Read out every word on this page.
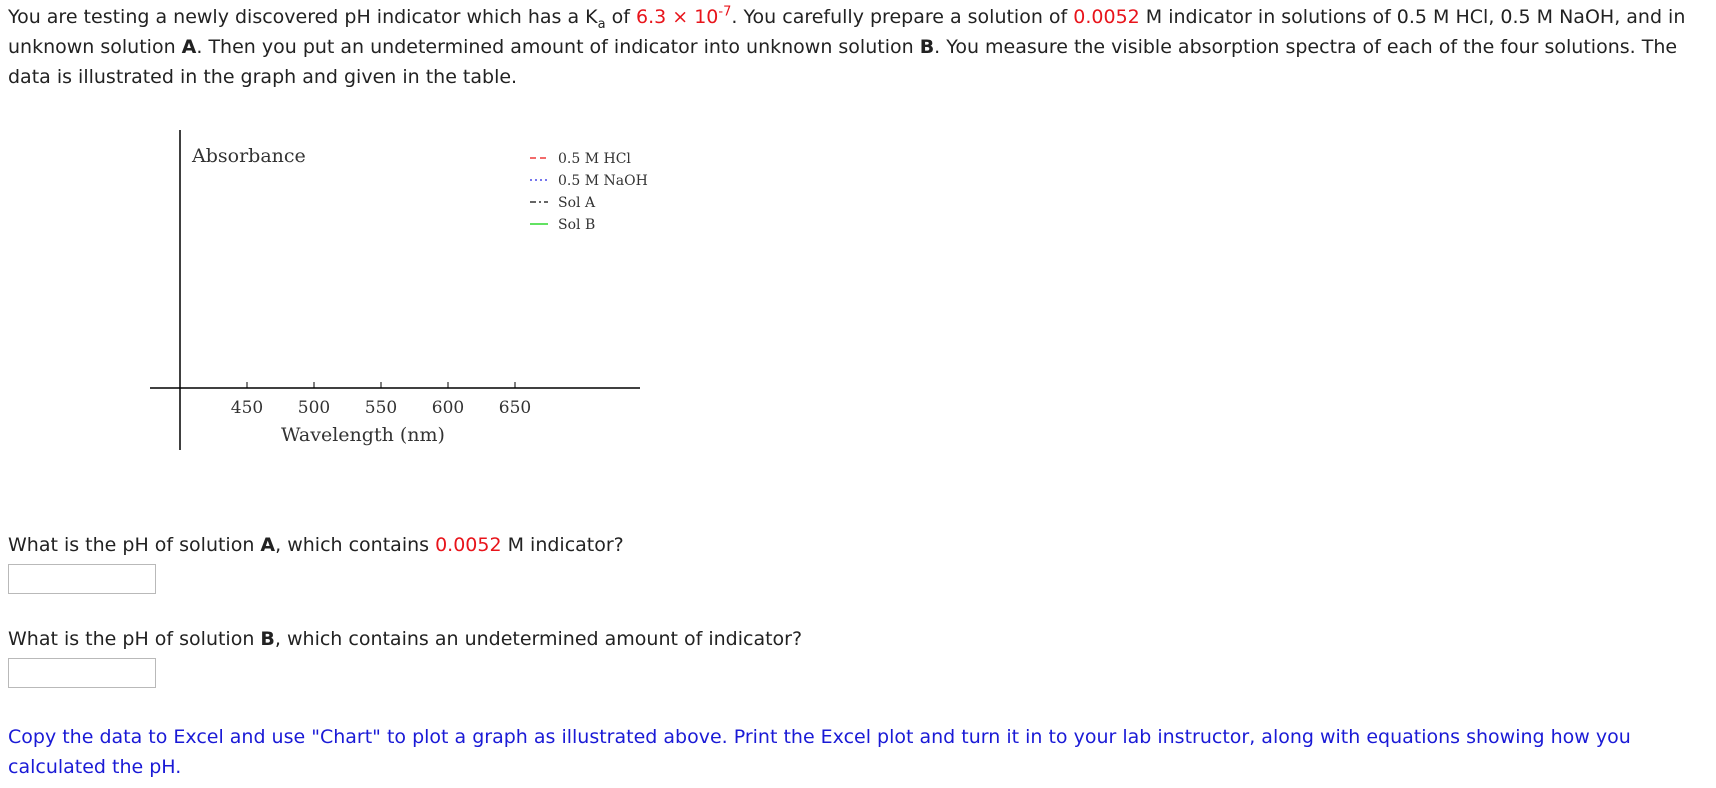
You are testing a newly discovered pH indicator which has a $K_a$ of $6.3 \times 10^{-7}$. You carefully prepare a solution of 0.0052 M indicator in solutions of 0.5 M HCl, 0.5 M NaOH, and in unknown solution A. Then you put an undetermined amount of indicator into unknown solution B. You measure the visible absorption spectra of each of the four solutions. The data is illustrated in the graph and given in the table.
Absorbance
450 500 550 600 650
Wavelength (nm)
0.5 M HCl
0.5 M NaOH
Sol A
Sol B
What is the pH of solution A, which contains 0.0052 M indicator?
What is the pH of solution B, which contains an undetermined amount of indicator?
Copy the data to Excel and use "Chart" to plot a graph as illustrated above. Print the Excel plot and turn it in to your lab instructor, along with equations showing how you calculated the pH.
